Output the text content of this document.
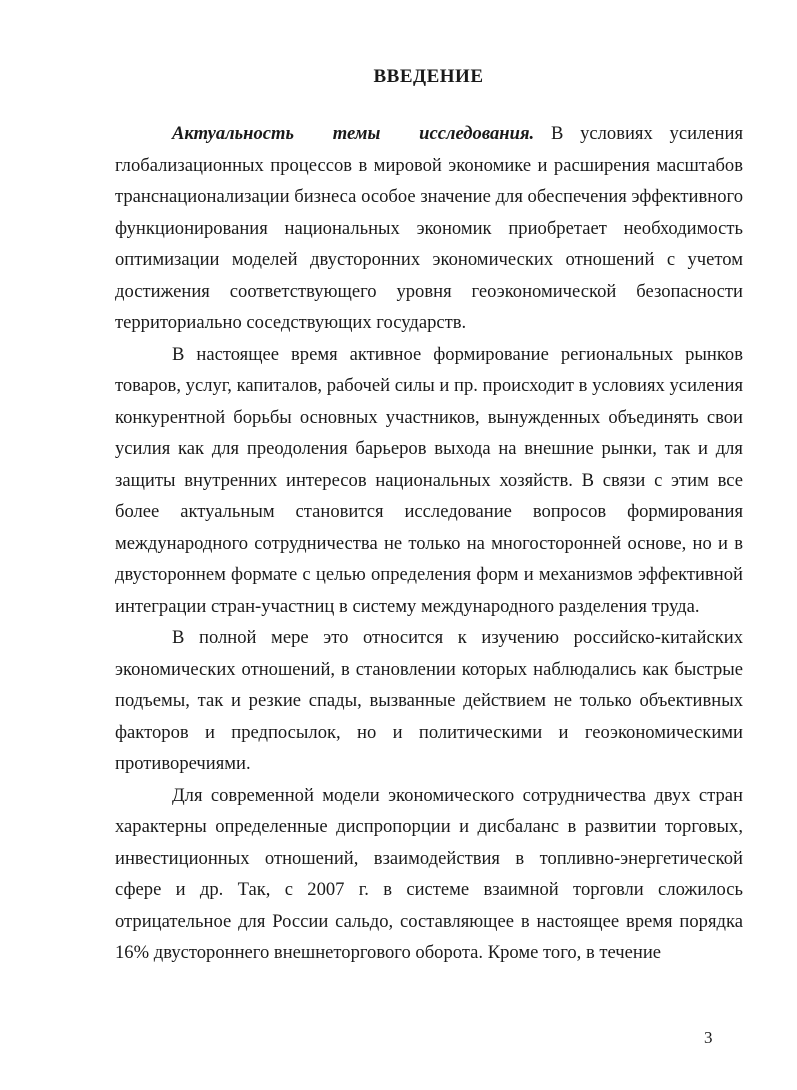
ВВЕДЕНИЕ

Актуальность темы исследования. В условиях усиления глобализационных процессов в мировой экономике и расширения масштабов транснационализации бизнеса особое значение для обеспечения эффективного функционирования национальных экономик приобретает необходимость оптимизации моделей двусторонних экономических отношений с учетом достижения соответствующего уровня геоэкономической безопасности территориально соседствующих государств.

В настоящее время активное формирование региональных рынков товаров, услуг, капиталов, рабочей силы и пр. происходит в условиях усиления конкурентной борьбы основных участников, вынужденных объединять свои усилия как для преодоления барьеров выхода на внешние рынки, так и для защиты внутренних интересов национальных хозяйств. В связи с этим все более актуальным становится исследование вопросов формирования международного сотрудничества не только на многосторонней основе, но и в двустороннем формате с целью определения форм и механизмов эффективной интеграции стран-участниц в систему международного разделения труда.

В полной мере это относится к изучению российско-китайских экономических отношений, в становлении которых наблюдались как быстрые подъемы, так и резкие спады, вызванные действием не только объективных факторов и предпосылок, но и политическими и геоэкономическими противоречиями.

Для современной модели экономического сотрудничества двух стран характерны определенные диспропорции и дисбаланс в развитии торговых, инвестиционных отношений, взаимодействия в топливно-энергетической сфере и др. Так, с 2007 г. в системе взаимной торговли сложилось отрицательное для России сальдо, составляющее в настоящее время порядка 16% двустороннего внешнеторгового оборота. Кроме того, в течение

3
